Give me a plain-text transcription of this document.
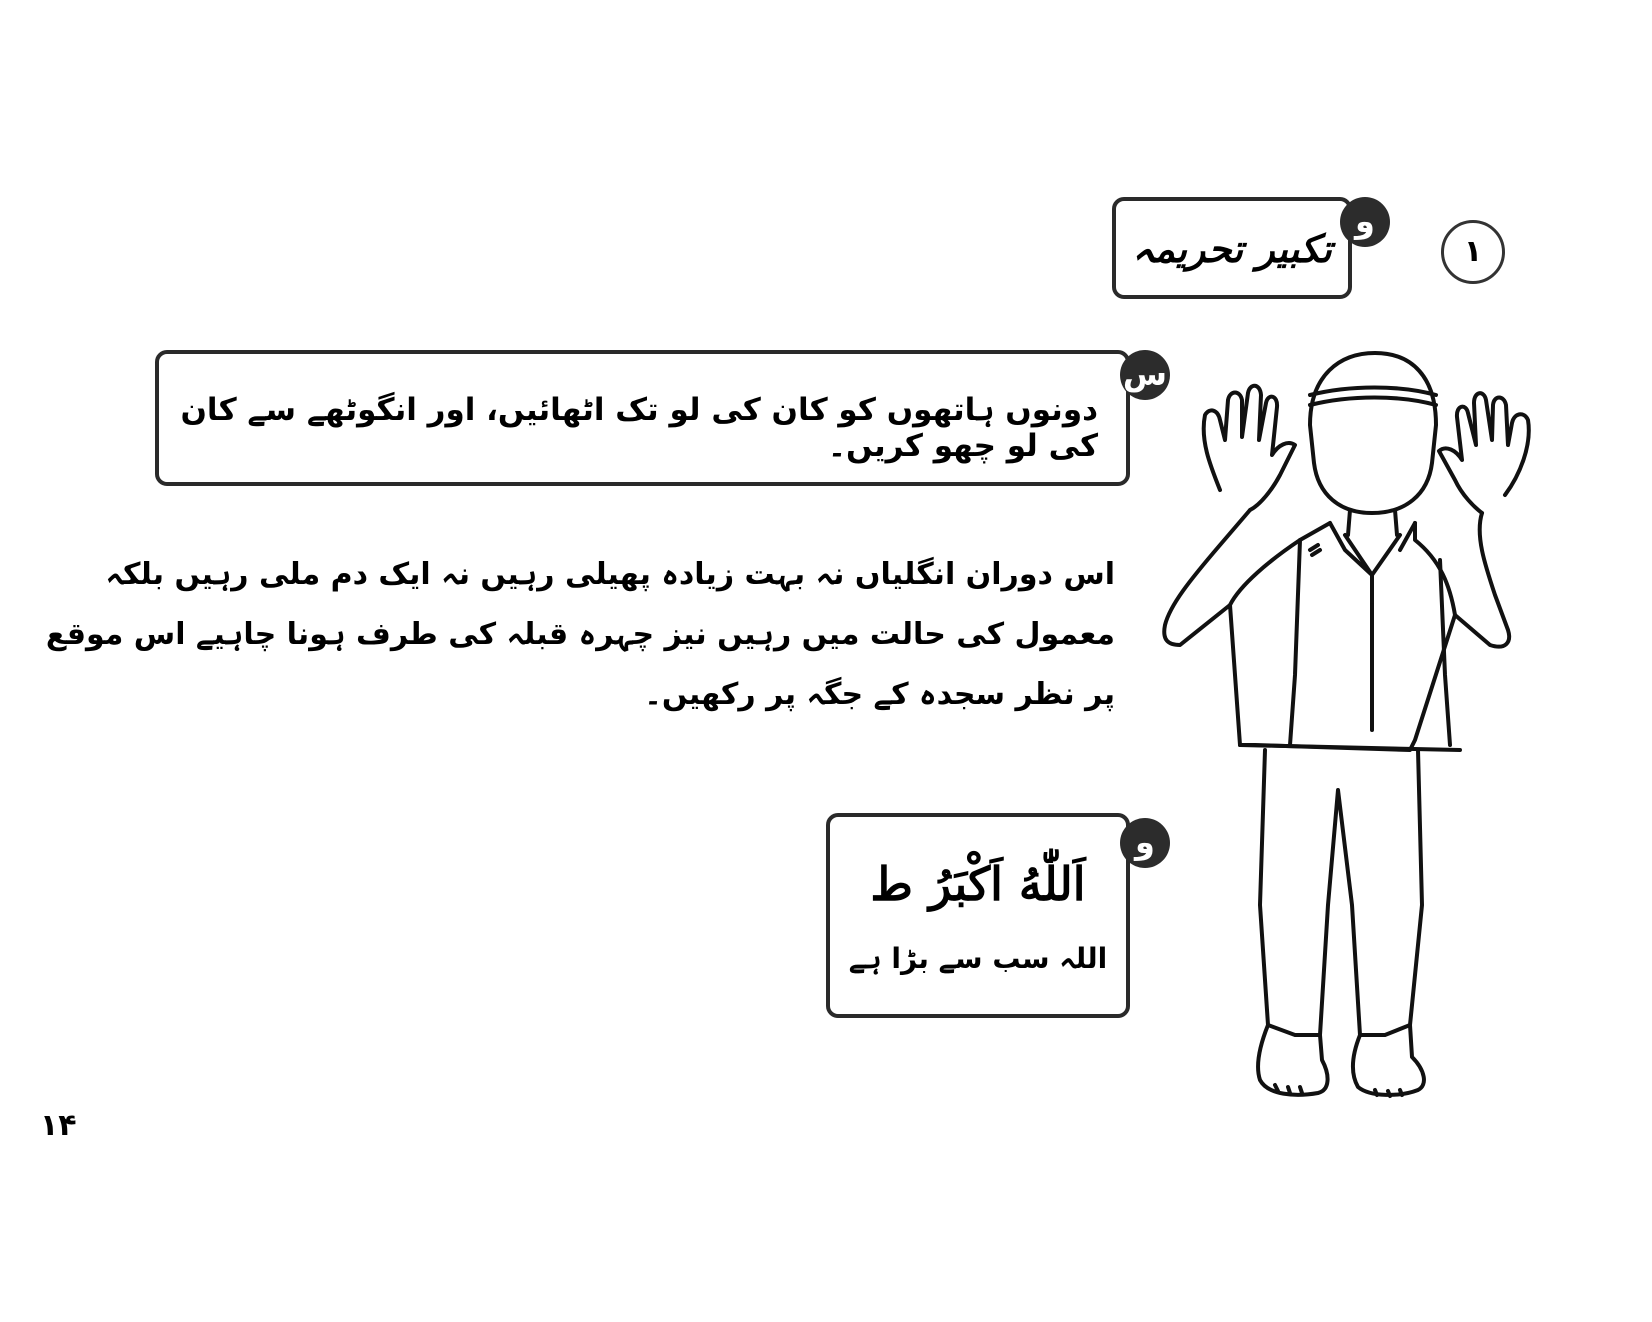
۱
تکبیر تحریمہ
و
دونوں ہاتھوں کو کان کی لو تک اٹھائیں، اور انگوٹھے سے کان کی لو چھو کریں۔
س
اس دوران انگلیاں نہ بہت زیادہ پھیلی رہیں نہ ایک دم ملی رہیں بلکہ معمول کی حالت میں رہیں نیز چہرہ قبلہ کی طرف ہونا چاہیے اس موقع پر نظر سجدہ کے جگہ پر رکھیں۔
اَللّٰهُ اَكْبَرُ ط
اللہ سب سے بڑا ہے
و
۱۴
